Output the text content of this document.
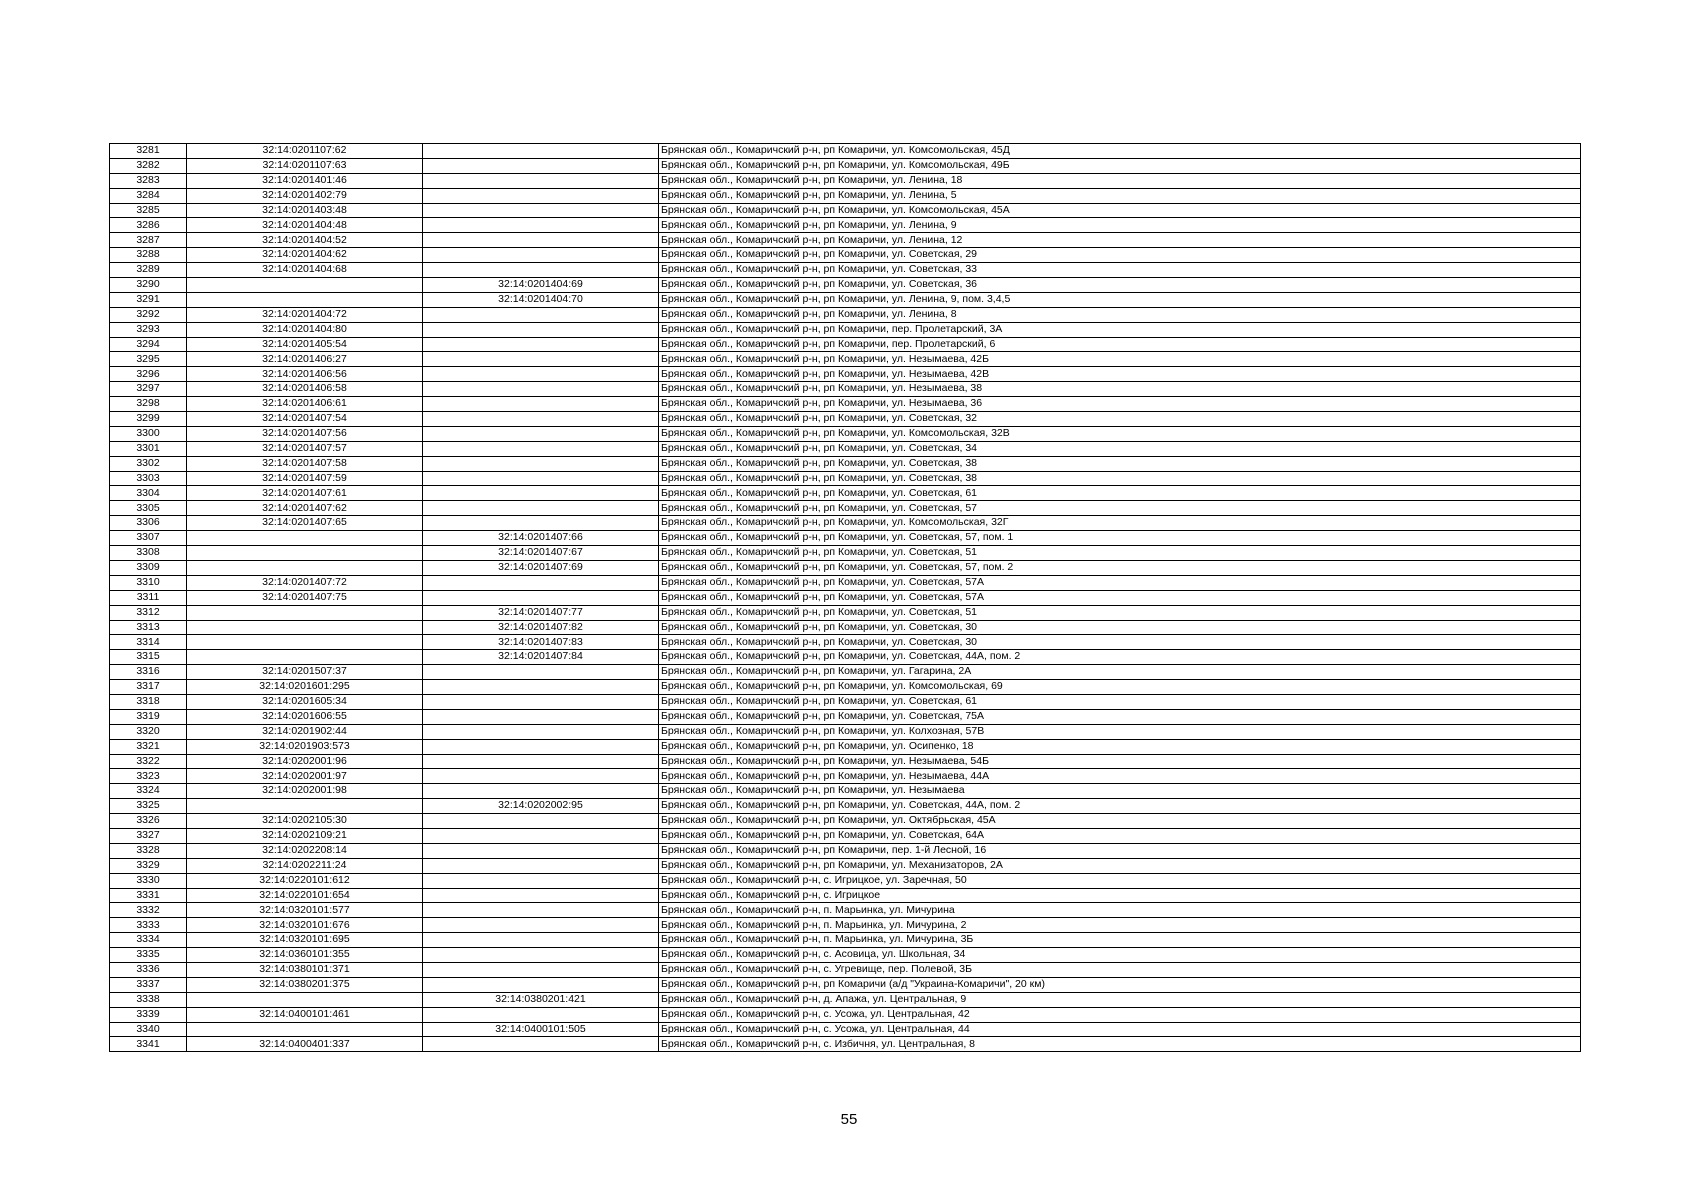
3281	32:14:0201107:62		Брянская обл., Комаричский р-н, рп Комаричи, ул. Комсомольская, 45Д
3282	32:14:0201107:63		Брянская обл., Комаричский р-н, рп Комаричи, ул. Комсомольская, 49Б
3283	32:14:0201401:46		Брянская обл., Комаричский р-н, рп Комаричи, ул. Ленина, 18
3284	32:14:0201402:79		Брянская обл., Комаричский р-н, рп Комаричи, ул. Ленина, 5
3285	32:14:0201403:48		Брянская обл., Комаричский р-н, рп Комаричи, ул. Комсомольская, 45А
3286	32:14:0201404:48		Брянская обл., Комаричский р-н, рп Комаричи, ул. Ленина, 9
3287	32:14:0201404:52		Брянская обл., Комаричский р-н, рп Комаричи, ул. Ленина, 12
3288	32:14:0201404:62		Брянская обл., Комаричский р-н, рп Комаричи, ул. Советская, 29
3289	32:14:0201404:68		Брянская обл., Комаричский р-н, рп Комаричи, ул. Советская, 33
3290		32:14:0201404:69	Брянская обл., Комаричский р-н, рп Комаричи, ул. Советская, 36
3291		32:14:0201404:70	Брянская обл., Комаричский р-н, рп Комаричи, ул. Ленина, 9, пом. 3,4,5
3292	32:14:0201404:72		Брянская обл., Комаричский р-н, рп Комаричи, ул. Ленина, 8
3293	32:14:0201404:80		Брянская обл., Комаричский р-н, рп Комаричи, пер. Пролетарский, 3А
3294	32:14:0201405:54		Брянская обл., Комаричский р-н, рп Комаричи, пер. Пролетарский, 6
3295	32:14:0201406:27		Брянская обл., Комаричский р-н, рп Комаричи, ул. Незымаева, 42Б
3296	32:14:0201406:56		Брянская обл., Комаричский р-н, рп Комаричи, ул. Незымаева, 42В
3297	32:14:0201406:58		Брянская обл., Комаричский р-н, рп Комаричи, ул. Незымаева, 38
3298	32:14:0201406:61		Брянская обл., Комаричский р-н, рп Комаричи, ул. Незымаева, 36
3299	32:14:0201407:54		Брянская обл., Комаричский р-н, рп Комаричи, ул. Советская, 32
3300	32:14:0201407:56		Брянская обл., Комаричский р-н, рп Комаричи, ул. Комсомольская, 32В
3301	32:14:0201407:57		Брянская обл., Комаричский р-н, рп Комаричи, ул. Советская, 34
3302	32:14:0201407:58		Брянская обл., Комаричский р-н, рп Комаричи, ул. Советская, 38
3303	32:14:0201407:59		Брянская обл., Комаричский р-н, рп Комаричи, ул. Советская, 38
3304	32:14:0201407:61		Брянская обл., Комаричский р-н, рп Комаричи, ул. Советская, 61
3305	32:14:0201407:62		Брянская обл., Комаричский р-н, рп Комаричи, ул. Советская, 57
3306	32:14:0201407:65		Брянская обл., Комаричский р-н, рп Комаричи, ул. Комсомольская, 32Г
3307		32:14:0201407:66	Брянская обл., Комаричский р-н, рп Комаричи, ул. Советская, 57, пом. 1
3308		32:14:0201407:67	Брянская обл., Комаричский р-н, рп Комаричи, ул. Советская, 51
3309		32:14:0201407:69	Брянская обл., Комаричский р-н, рп Комаричи, ул. Советская, 57, пом. 2
3310	32:14:0201407:72		Брянская обл., Комаричский р-н, рп Комаричи, ул. Советская, 57А
3311	32:14:0201407:75		Брянская обл., Комаричский р-н, рп Комаричи, ул. Советская, 57А
3312		32:14:0201407:77	Брянская обл., Комаричский р-н, рп Комаричи, ул. Советская, 51
3313		32:14:0201407:82	Брянская обл., Комаричский р-н, рп Комаричи, ул. Советская, 30
3314		32:14:0201407:83	Брянская обл., Комаричский р-н, рп Комаричи, ул. Советская, 30
3315		32:14:0201407:84	Брянская обл., Комаричский р-н, рп Комаричи, ул. Советская, 44А, пом. 2
3316	32:14:0201507:37		Брянская обл., Комаричский р-н, рп Комаричи, ул. Гагарина, 2А
3317	32:14:0201601:295		Брянская обл., Комаричский р-н, рп Комаричи, ул. Комсомольская, 69
3318	32:14:0201605:34		Брянская обл., Комаричский р-н, рп Комаричи, ул. Советская, 61
3319	32:14:0201606:55		Брянская обл., Комаричский р-н, рп Комаричи, ул. Советская, 75А
3320	32:14:0201902:44		Брянская обл., Комаричский р-н, рп Комаричи, ул. Колхозная, 57В
3321	32:14:0201903:573		Брянская обл., Комаричский р-н, рп Комаричи, ул. Осипенко, 18
3322	32:14:0202001:96		Брянская обл., Комаричский р-н, рп Комаричи, ул. Незымаева, 54Б
3323	32:14:0202001:97		Брянская обл., Комаричский р-н, рп Комаричи, ул. Незымаева, 44А
3324	32:14:0202001:98		Брянская обл., Комаричский р-н, рп Комаричи, ул. Незымаева
3325		32:14:0202002:95	Брянская обл., Комаричский р-н, рп Комаричи, ул. Советская, 44А, пом. 2
3326	32:14:0202105:30		Брянская обл., Комаричский р-н, рп Комаричи, ул. Октябрьская, 45А
3327	32:14:0202109:21		Брянская обл., Комаричский р-н, рп Комаричи, ул. Советская, 64А
3328	32:14:0202208:14		Брянская обл., Комаричский р-н, рп Комаричи, пер. 1-й Лесной, 16
3329	32:14:0202211:24		Брянская обл., Комаричский р-н, рп Комаричи, ул. Механизаторов, 2А
3330	32:14:0220101:612		Брянская обл., Комаричский р-н, с. Игрицкое, ул. Заречная, 50
3331	32:14:0220101:654		Брянская обл., Комаричский р-н, с. Игрицкое
3332	32:14:0320101:577		Брянская обл., Комаричский р-н, п. Марьинка, ул. Мичурина
3333	32:14:0320101:676		Брянская обл., Комаричский р-н, п. Марьинка, ул. Мичурина, 2
3334	32:14:0320101:695		Брянская обл., Комаричский р-н, п. Марьинка, ул. Мичурина, 3Б
3335	32:14:0360101:355		Брянская обл., Комаричский р-н, с. Асовица, ул. Школьная, 34
3336	32:14:0380101:371		Брянская обл., Комаричский р-н, с. Угревище, пер. Полевой, 3Б
3337	32:14:0380201:375		Брянская обл., Комаричский р-н, рп Комаричи (а/д "Украина-Комаричи", 20 км)
3338		32:14:0380201:421	Брянская обл., Комаричский р-н, д. Апажа, ул. Центральная, 9
3339	32:14:0400101:461		Брянская обл., Комаричский р-н, с. Усожа, ул. Центральная, 42
3340		32:14:0400101:505	Брянская обл., Комаричский р-н, с. Усожа, ул. Центральная, 44
3341	32:14:0400401:337		Брянская обл., Комаричский р-н, с. Избичня, ул. Центральная, 8
55
